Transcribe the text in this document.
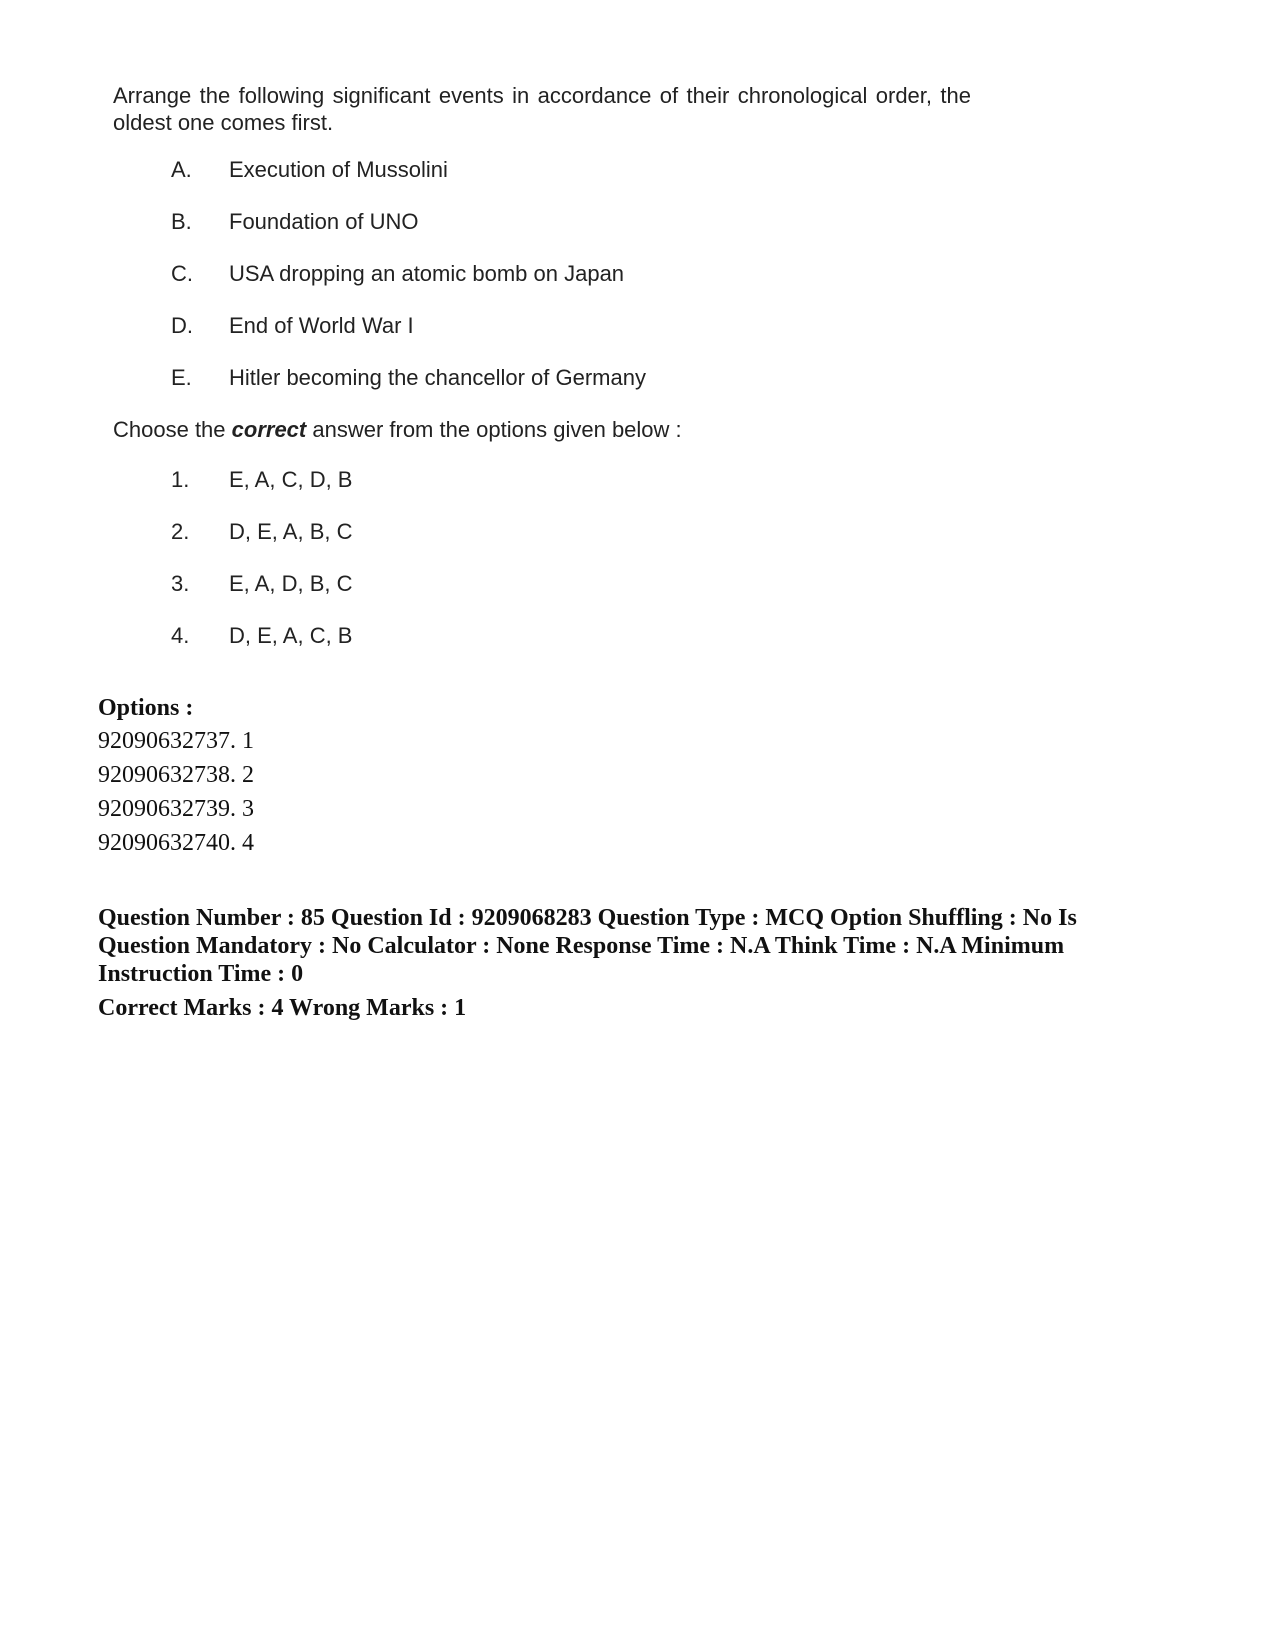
Arrange the following significant events in accordance of their chronological order, the oldest one comes first.

A.	Execution of Mussolini
B.	Foundation of UNO
C.	USA dropping an atomic bomb on Japan
D.	End of World War I
E.	Hitler becoming the chancellor of Germany

Choose the correct answer from the options given below :

1.	E, A, C, D, B
2.	D, E, A, B, C
3.	E, A, D, B, C
4.	D, E, A, C, B
Options :
92090632737. 1
92090632738. 2
92090632739. 3
92090632740. 4

Question Number : 85 Question Id : 9209068283 Question Type : MCQ Option Shuffling : No Is Question Mandatory : No Calculator : None Response Time : N.A Think Time : N.A Minimum Instruction Time : 0

Correct Marks : 4 Wrong Marks : 1
